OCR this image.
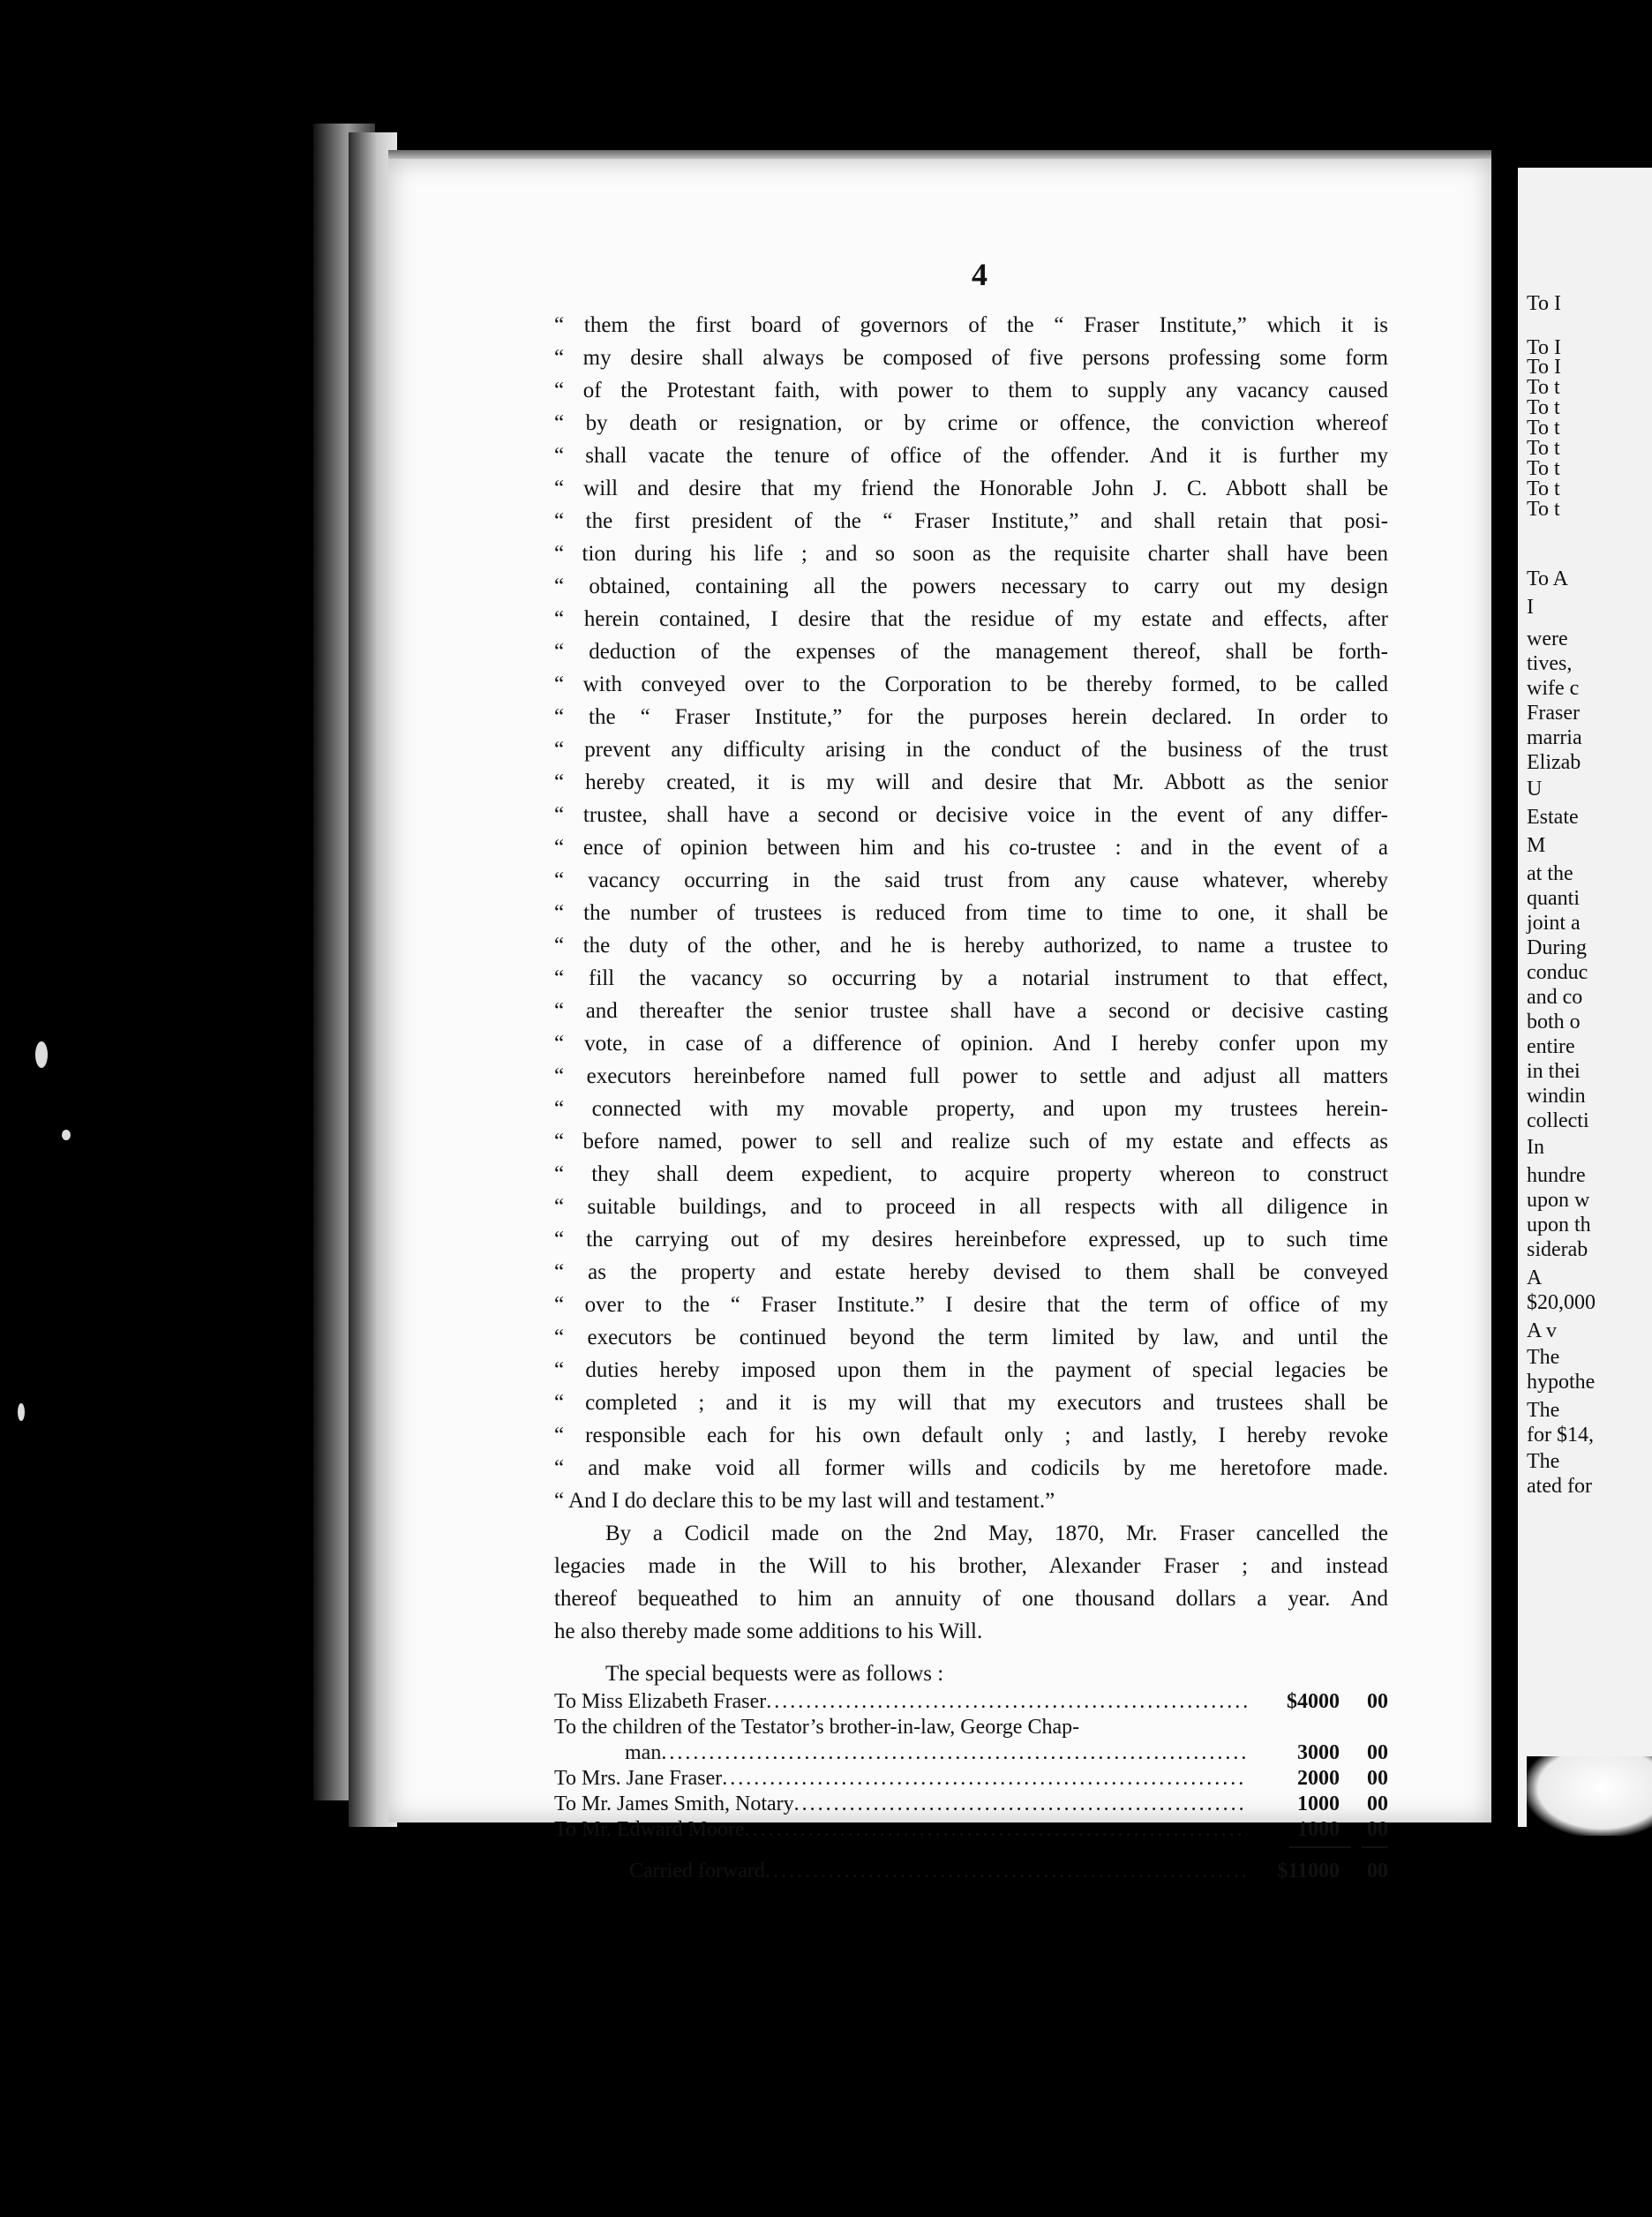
4
“ them the first board of governors of the “ Fraser Institute,” which it is
“ my desire shall always be composed of five persons professing some form
“ of the Protestant faith, with power to them to supply any vacancy caused
“ by death or resignation, or by crime or offence, the conviction whereof
“ shall vacate the tenure of office of the offender. And it is further my
“ will and desire that my friend the Honorable John J. C. Abbott shall be
“ the first president of the “ Fraser Institute,” and shall retain that posi-
“ tion during his life ; and so soon as the requisite charter shall have been
“ obtained, containing all the powers necessary to carry out my design
“ herein contained, I desire that the residue of my estate and effects, after
“ deduction of the expenses of the management thereof, shall be forth-
“ with conveyed over to the Corporation to be thereby formed, to be called
“ the “ Fraser Institute,” for the purposes herein declared. In order to
“ prevent any difficulty arising in the conduct of the business of the trust
“ hereby created, it is my will and desire that Mr. Abbott as the senior
“ trustee, shall have a second or decisive voice in the event of any differ-
“ ence of opinion between him and his co-trustee : and in the event of a
“ vacancy occurring in the said trust from any cause whatever, whereby
“ the number of trustees is reduced from time to time to one, it shall be
“ the duty of the other, and he is hereby authorized, to name a trustee to
“ fill the vacancy so occurring by a notarial instrument to that effect,
“ and thereafter the senior trustee shall have a second or decisive casting
“ vote, in case of a difference of opinion. And I hereby confer upon my
“ executors hereinbefore named full power to settle and adjust all matters
“ connected with my movable property, and upon my trustees herein-
“ before named, power to sell and realize such of my estate and effects as
“ they shall deem expedient, to acquire property whereon to construct
“ suitable buildings, and to proceed in all respects with all diligence in
“ the carrying out of my desires hereinbefore expressed, up to such time
“ as the property and estate hereby devised to them shall be conveyed
“ over to the “ Fraser Institute.” I desire that the term of office of my
“ executors be continued beyond the term limited by law, and until the
“ duties hereby imposed upon them in the payment of special legacies be
“ completed ; and it is my will that my executors and trustees shall be
“ responsible each for his own default only ; and lastly, I hereby revoke
“ and make void all former wills and codicils by me heretofore made.
“ And I do declare this to be my last will and testament.”
By a Codicil made on the 2nd May, 1870, Mr. Fraser cancelled the
legacies made in the Will to his brother, Alexander Fraser ; and instead
thereof bequeathed to him an annuity of one thousand dollars a year. And
he also thereby made some additions to his Will.
The special bequests were as follows :
To Miss Elizabeth Fraser .....	$4000	00
To the children of the Testator’s brother-in-law, George Chap-
man .....	3000	00
To Mrs. Jane Fraser .....	2000	00
To Mr. James Smith, Notary .....	1000	00
To Mr. Edward Moore .....	1000	00
Carried forward .....	$11000	00
To I
To I
To I
To t
To t
To t
To t
To t
To t
To t
To A
I
were
tives,
wife c
Fraser
marria
Elizab
U
Estate
M
at the
quanti
joint a
During
conduc
and co
both o
entire
in thei
windin
collecti
In
hundre
upon w
upon th
siderab
A
$20,000
A v
The
hypothe
The
for $14,
The
ated for
